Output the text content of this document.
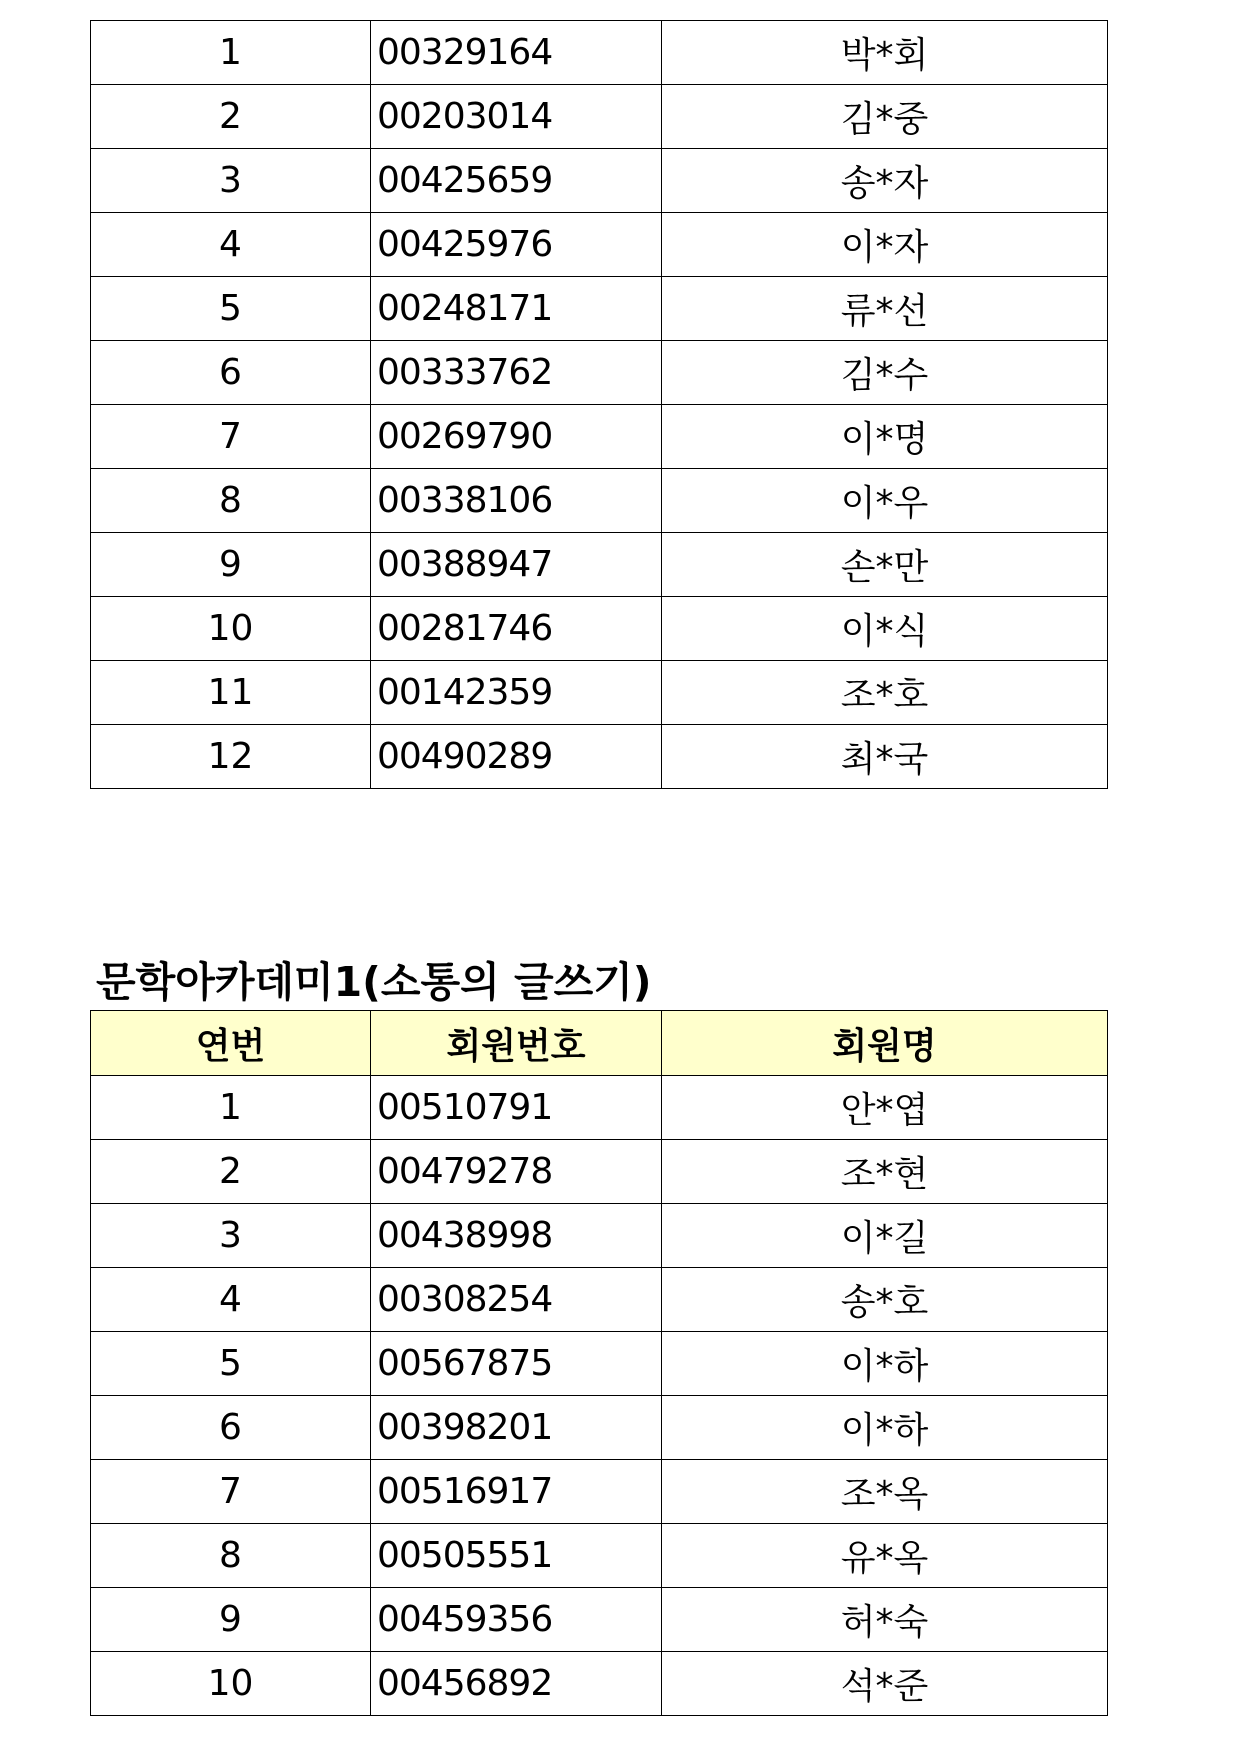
1	00329164	박*회
2	00203014	김*중
3	00425659	송*자
4	00425976	이*자
5	00248171	류*선
6	00333762	김*수
7	00269790	이*명
8	00338106	이*우
9	00388947	손*만
10	00281746	이*식
11	00142359	조*호
12	00490289	최*국
문학아카데미1(소통의 글쓰기)
연번	회원번호	회원명
1	00510791	안*엽
2	00479278	조*현
3	00438998	이*길
4	00308254	송*호
5	00567875	이*하
6	00398201	이*하
7	00516917	조*옥
8	00505551	유*옥
9	00459356	허*숙
10	00456892	석*준
